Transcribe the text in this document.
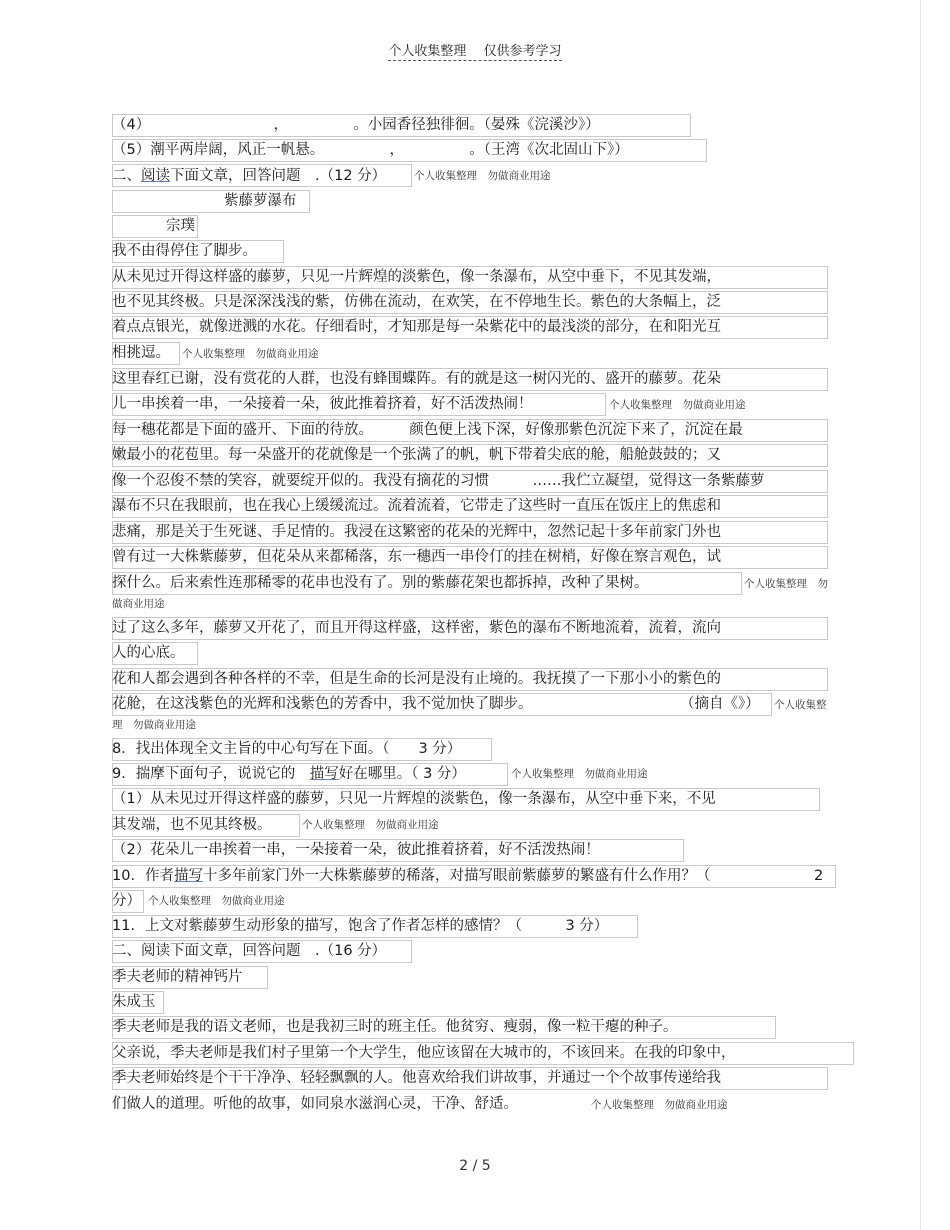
个人收集整理　 仅供参考学习
（4）　　　　　　　　　，　　　　　。小园香径独徘徊。（晏殊《浣溪沙》）
（5）潮平两岸阔，风正一帆悬。　　　　　，　　　　　。（王湾《次北固山下》）
二、阅读下面文章，回答问题　.（12 分）	个人收集整理　勿做商业用途
紫藤萝瀑布
宗璞
我不由得停住了脚步。
从未见过开得这样盛的藤萝，只见一片辉煌的淡紫色，像一条瀑布，从空中垂下，不见其发端，
也不见其终极。只是深深浅浅的紫，仿佛在流动，在欢笑，在不停地生长。紫色的大条幅上，泛
着点点银光，就像迸溅的水花。仔细看时，才知那是每一朵紫花中的最浅淡的部分，在和阳光互
相挑逗。 个人收集整理　勿做商业用途
这里春红已谢，没有赏花的人群，也没有蜂围蝶阵。有的就是这一树闪光的、盛开的藤萝。花朵
儿一串挨着一串，一朵接着一朵，彼此推着挤着，好不活泼热闹！	个人收集整理　勿做商业用途
每一穗花都是下面的盛开、下面的待放。　　　颜色便上浅下深，好像那紫色沉淀下来了，沉淀在最
嫩最小的花苞里。每一朵盛开的花就像是一个张满了的帆，帆下带着尖底的舱，船舱鼓鼓的；又
像一个忍俊不禁的笑容，就要绽开似的。我没有摘花的习惯　　　……我伫立凝望，觉得这一条紫藤萝
瀑布不只在我眼前，也在我心上缓缓流过。流着流着，它带走了这些时一直压在饭庄上的焦虑和
悲痛，那是关于生死谜、手足情的。我浸在这繁密的花朵的光辉中，忽然记起十多年前家门外也
曾有过一大株紫藤萝，但花朵从来都稀落，东一穗西一串伶仃的挂在树梢，好像在察言观色，试
探什么。后来索性连那稀零的花串也没有了。别的紫藤花架也都拆掉，改种了果树。	个人收集整理　勿
做商业用途
过了这么多年，藤萝又开花了，而且开得这样盛，这样密，紫色的瀑布不断地流着，流着，流向
人的心底。
花和人都会遇到各种各样的不幸，但是生命的长河是没有止境的。我抚摸了一下那小小的紫色的
花舱，在这浅紫色的光辉和浅紫色的芳香中，我不觉加快了脚步。	（摘自《》） 个人收集整
理　勿做商业用途
8．找出体现全文主旨的中心句写在下面。（　　3 分）
9．揣摩下面句子，说说它的　描写好在哪里。（ 3 分）	个人收集整理　勿做商业用途
（1）从未见过开得这样盛的藤萝，只见一片辉煌的淡紫色，像一条瀑布，从空中垂下来，不见
其发端，也不见其终极。	个人收集整理　勿做商业用途
（2）花朵儿一串挨着一串，一朵接着一朵，彼此推着挤着，好不活泼热闹！
10．作者描写十多年前家门外一大株紫藤萝的稀落，对描写眼前紫藤萝的繁盛有什么作用？（	2
分） 个人收集整理　勿做商业用途
11．上文对紫藤萝生动形象的描写，饱含了作者怎样的感情？（　　　3 分）
二、阅读下面文章，回答问题　.（16 分）
季夫老师的精神钙片
朱成玉
季夫老师是我的语文老师，也是我初三时的班主任。他贫穷、瘦弱，像一粒干瘪的种子。
父亲说，季夫老师是我们村子里第一个大学生，他应该留在大城市的，不该回来。在我的印象中，
季夫老师始终是个干干净净、轻轻飘飘的人。他喜欢给我们讲故事，并通过一个个故事传递给我
们做人的道理。听他的故事，如同泉水滋润心灵，干净、舒适。	个人收集整理　勿做商业用途
2 / 5
